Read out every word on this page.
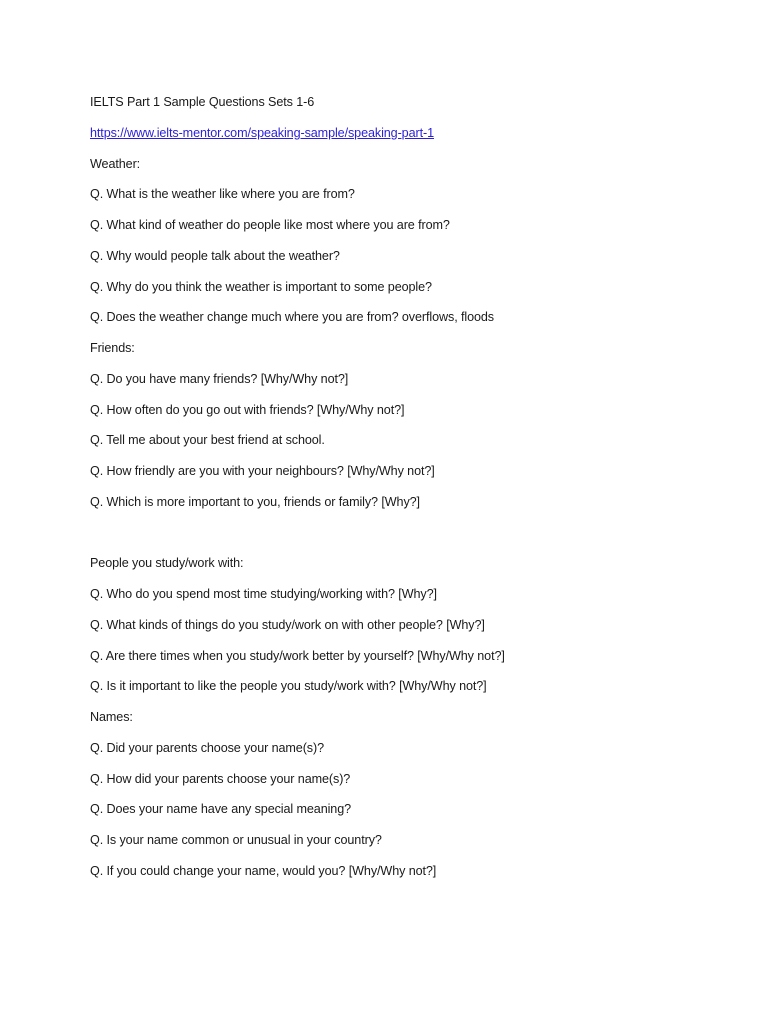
IELTS Part 1 Sample Questions Sets 1-6
https://www.ielts-mentor.com/speaking-sample/speaking-part-1
Weather:
Q. What is the weather like where you are from?
Q. What kind of weather do people like most where you are from?
Q. Why would people talk about the weather?
Q. Why do you think the weather is important to some people?
Q. Does the weather change much where you are from? overflows, floods
Friends:
Q. Do you have many friends? [Why/Why not?]
Q. How often do you go out with friends? [Why/Why not?]
Q. Tell me about your best friend at school.
Q. How friendly are you with your neighbours? [Why/Why not?]
Q. Which is more important to you, friends or family? [Why?]
People you study/work with:
Q. Who do you spend most time studying/working with? [Why?]
Q. What kinds of things do you study/work on with other people? [Why?]
Q. Are there times when you study/work better by yourself? [Why/Why not?]
Q. Is it important to like the people you study/work with? [Why/Why not?]
Names:
Q. Did your parents choose your name(s)?
Q. How did your parents choose your name(s)?
Q. Does your name have any special meaning?
Q. Is your name common or unusual in your country?
Q. If you could change your name, would you? [Why/Why not?]
